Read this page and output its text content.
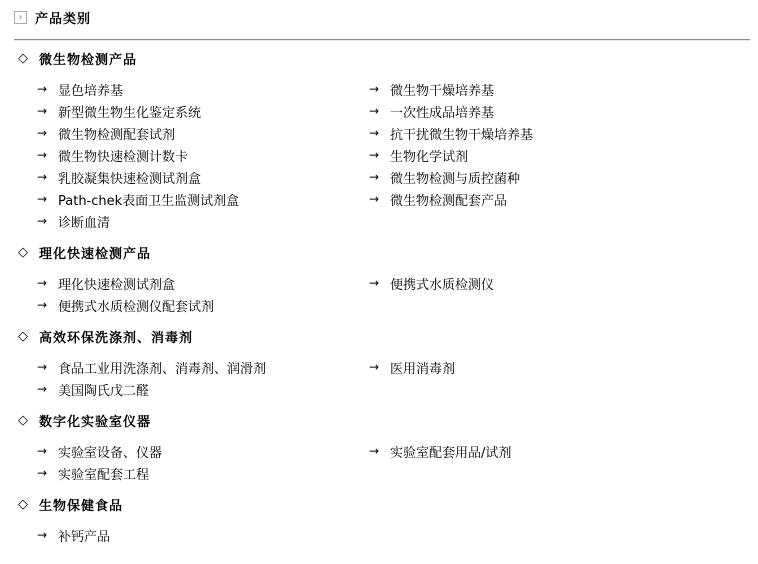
› 产品类别
◇ 微生物检测产品
→ 显色培养基
→ 新型微生物生化鉴定系统
→ 微生物检测配套试剂
→ 微生物快速检测计数卡
→ 乳胶凝集快速检测试剂盒
→ Path-chek表面卫生监测试剂盒
→ 诊断血清
→ 微生物干燥培养基
→ 一次性成品培养基
→ 抗干扰微生物干燥培养基
→ 生物化学试剂
→ 微生物检测与质控菌种
→ 微生物检测配套产品
◇ 理化快速检测产品
→ 理化快速检测试剂盒
→ 便携式水质检测仪配套试剂
→ 便携式水质检测仪
◇ 高效环保洗涤剂、消毒剂
→ 食品工业用洗涤剂、消毒剂、润滑剂
→ 美国陶氏戊二醛
→ 医用消毒剂
◇ 数字化实验室仪器
→ 实验室设备、仪器
→ 实验室配套工程
→ 实验室配套用品/试剂
◇ 生物保健食品
→ 补钙产品
